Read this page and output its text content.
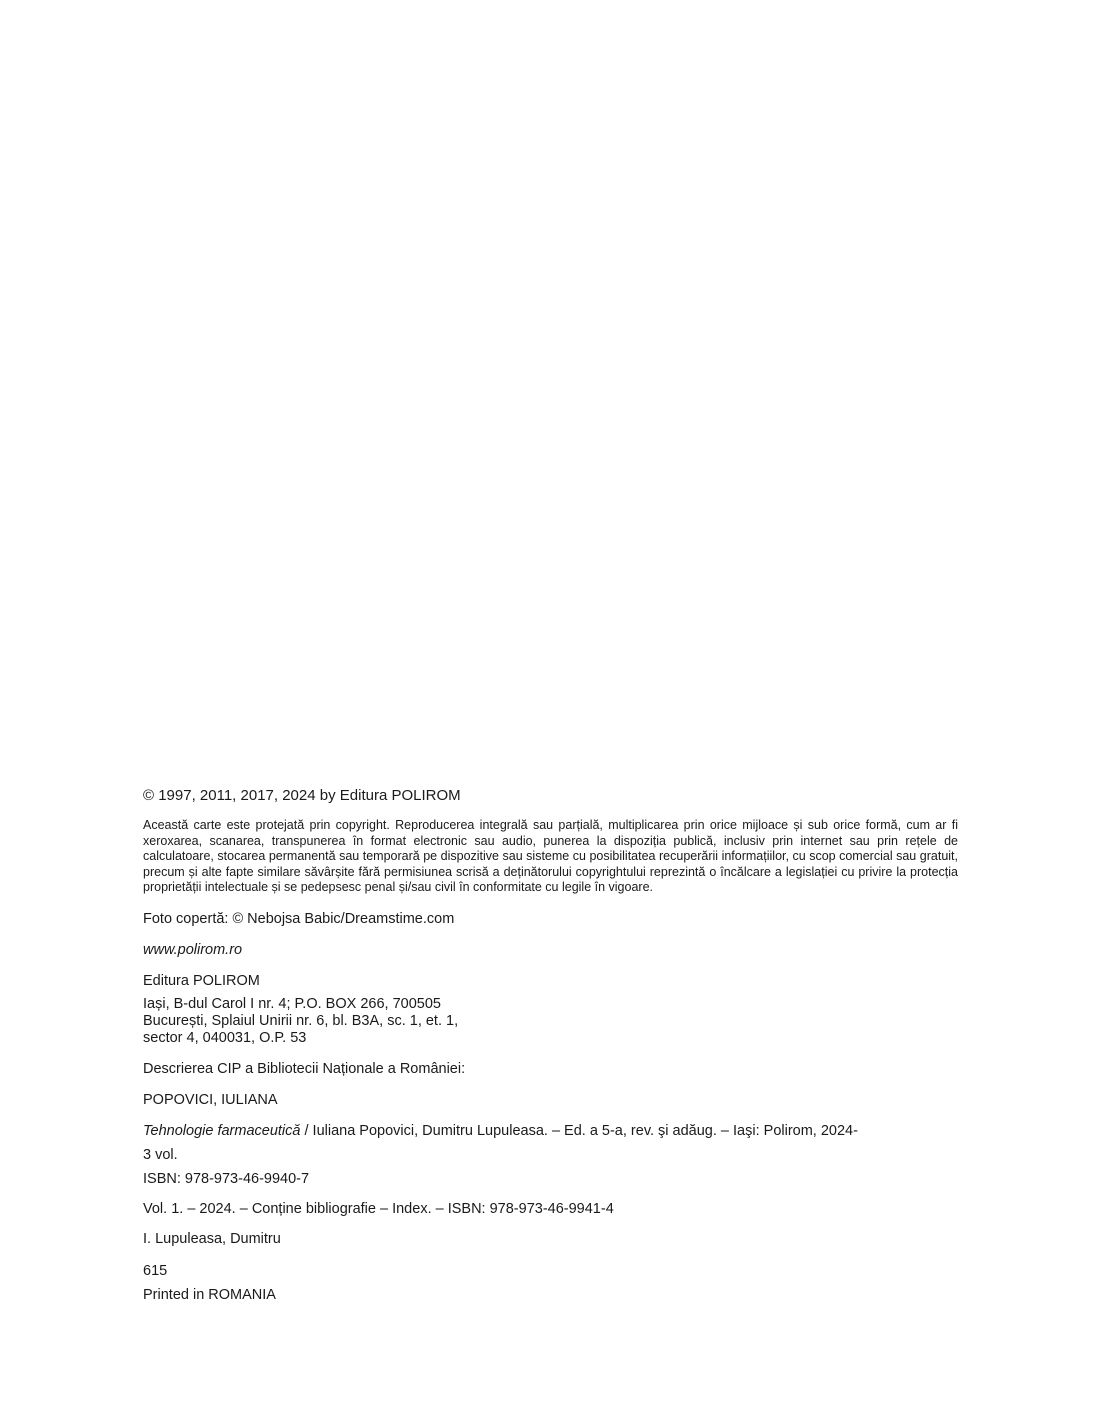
© 1997, 2011, 2017, 2024 by Editura POLIROM

Această carte este protejată prin copyright. Reproducerea integrală sau parțială, multiplicarea prin orice mijloace și sub orice formă, cum ar fi xeroxarea, scanarea, transpunerea în format electronic sau audio, punerea la dispoziția publică, inclusiv prin internet sau prin rețele de calculatoare, stocarea permanentă sau temporară pe dispozitive sau sisteme cu posibilitatea recuperării informațiilor, cu scop comercial sau gratuit, precum și alte fapte similare săvârșite fără permisiunea scrisă a deținătorului copyrightului reprezintă o încălcare a legislației cu privire la protecția proprietății intelectuale și se pedepsesc penal și/sau civil în conformitate cu legile în vigoare.

Foto copertă: © Nebojsa Babic/Dreamstime.com

www.polirom.ro

Editura POLIROM

Iași, B-dul Carol I nr. 4; P.O. BOX 266, 700505

București, Splaiul Unirii nr. 6, bl. B3A, sc. 1, et. 1,

sector 4, 040031, O.P. 53

Descrierea CIP a Bibliotecii Naționale a României:

POPOVICI, IULIANA

Tehnologie farmaceutică / Iuliana Popovici, Dumitru Lupuleasa. – Ed. a 5-a, rev. şi adăug. – Iaşi: Polirom, 2024-

3 vol.

ISBN: 978-973-46-9940-7

Vol. 1. – 2024. – Conține bibliografie – Index. – ISBN: 978-973-46-9941-4

I. Lupuleasa, Dumitru

615

Printed in ROMANIA
